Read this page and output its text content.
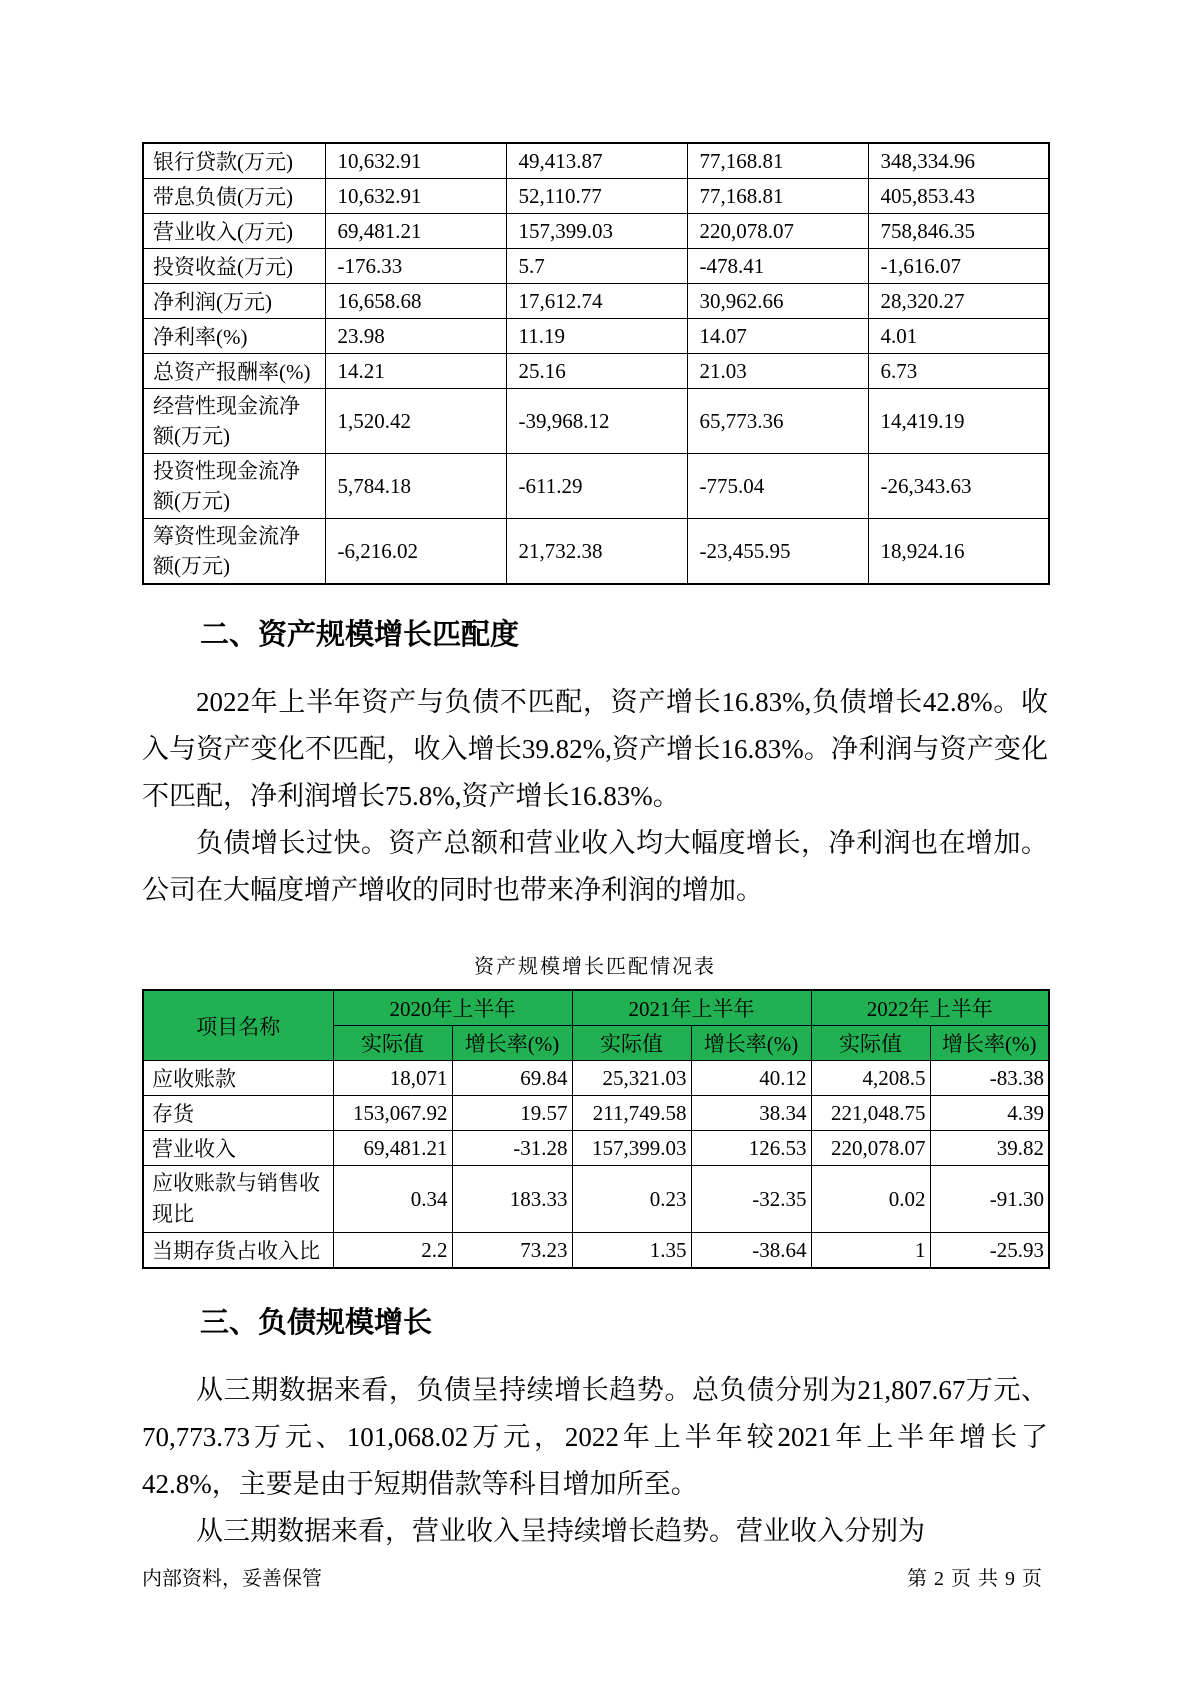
银行贷款(万元)	10,632.91	49,413.87	77,168.81	348,334.96
带息负债(万元)	10,632.91	52,110.77	77,168.81	405,853.43
营业收入(万元)	69,481.21	157,399.03	220,078.07	758,846.35
投资收益(万元)	-176.33	5.7	-478.41	-1,616.07
净利润(万元)	16,658.68	17,612.74	30,962.66	28,320.27
净利率(%)	23.98	11.19	14.07	4.01
总资产报酬率(%)	14.21	25.16	21.03	6.73
经营性现金流净额(万元)	1,520.42	-39,968.12	65,773.36	14,419.19
投资性现金流净额(万元)	5,784.18	-611.29	-775.04	-26,343.63
筹资性现金流净额(万元)	-6,216.02	21,732.38	-23,455.95	18,924.16
二、资产规模增长匹配度

2022年上半年资产与负债不匹配，资产增长16.83%,负债增长42.8%。收入与资产变化不匹配，收入增长39.82%,资产增长16.83%。净利润与资产变化不匹配，净利润增长75.8%,资产增长16.83%。

负债增长过快。资产总额和营业收入均大幅度增长，净利润也在增加。公司在大幅度增产增收的同时也带来净利润的增加。

资产规模增长匹配情况表
项目名称	2020年上半年		2021年上半年		2022年上半年	
	实际值	增长率(%)	实际值	增长率(%)	实际值	增长率(%)
应收账款	18,071	69.84	25,321.03	40.12	4,208.5	-83.38
存货	153,067.92	19.57	211,749.58	38.34	221,048.75	4.39
营业收入	69,481.21	-31.28	157,399.03	126.53	220,078.07	39.82
应收账款与销售收现比	0.34	183.33	0.23	-32.35	0.02	-91.30
当期存货占收入比	2.2	73.23	1.35	-38.64	1	-25.93
三、负债规模增长

从三期数据来看，负债呈持续增长趋势。总负债分别为21,807.67万元、70,773.73万元、101,068.02万元，2022年上半年较2021年上半年增长了42.8%，主要是由于短期借款等科目增加所至。

从三期数据来看，营业收入呈持续增长趋势。营业收入分别为

内部资料，妥善保管	第 2 页 共 9 页
